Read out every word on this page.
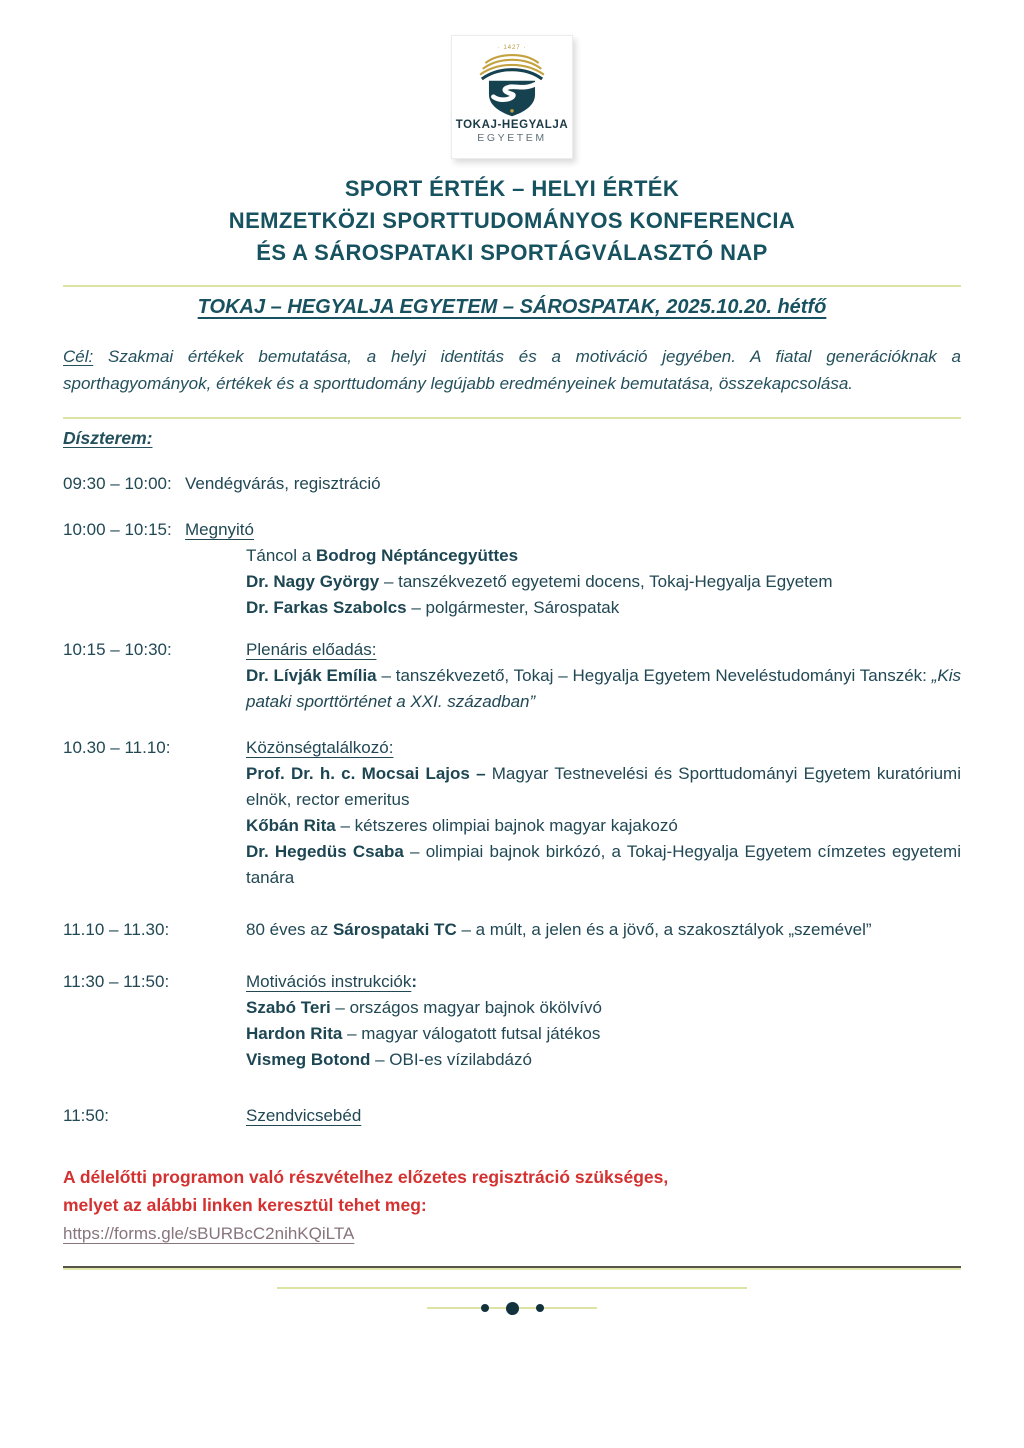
· 1427 ·
TOKAJ-HEGYALJA
EGYETEM
SPORT ÉRTÉK – HELYI ÉRTÉK
NEMZETKÖZI SPORTTUDOMÁNYOS KONFERENCIA
ÉS A SÁROSPATAKI SPORTÁGVÁLASZTÓ NAP
TOKAJ – HEGYALJA EGYETEM – SÁROSPATAK, 2025.10.20. hétfő

Cél: Szakmai értékek bemutatása, a helyi identitás és a motiváció jegyében. A fiatal generációknak a sporthagyományok, értékek és a sporttudomány legújabb eredményeinek bemutatása, összekapcsolása.

Díszterem:
09:30 – 10:00: Vendégvárás, regisztráció

10:00 – 10:15: Megnyitó

Táncol a Bodrog Néptáncegyüttes

Dr. Nagy György – tanszékvezető egyetemi docens, Tokaj-Hegyalja Egyetem

Dr. Farkas Szabolcs – polgármester, Sárospatak

10:15 – 10:30:	Plenáris előadás:

Dr. Lívják Emília – tanszékvezető, Tokaj – Hegyalja Egyetem Neveléstudományi Tanszék: „Kis pataki sporttörténet a XXI. században”

10.30 – 11.10:	Közönségtalálkozó:

Prof. Dr. h. c. Mocsai Lajos – Magyar Testnevelési és Sporttudományi Egyetem kuratóriumi elnök, rector emeritus

Kőbán Rita – kétszeres olimpiai bajnok magyar kajakozó

Dr. Hegedüs Csaba – olimpiai bajnok birkózó, a Tokaj-Hegyalja Egyetem címzetes egyetemi tanára

11.10 – 11.30:	80 éves az Sárospataki TC – a múlt, a jelen és a jövő, a szakosztályok „szemével”

11:30 – 11:50:	Motivációs instrukciók:

Szabó Teri – országos magyar bajnok ökölvívó

Hardon Rita – magyar válogatott futsal játékos

Vismeg Botond – OBI-es vízilabdázó

11:50:	Szendvicsebéd

A délelőtti programon való részvételhez előzetes regisztráció szükséges,
melyet az alábbi linken keresztül tehet meg:
https://forms.gle/sBURBcC2nihKQiLTA
